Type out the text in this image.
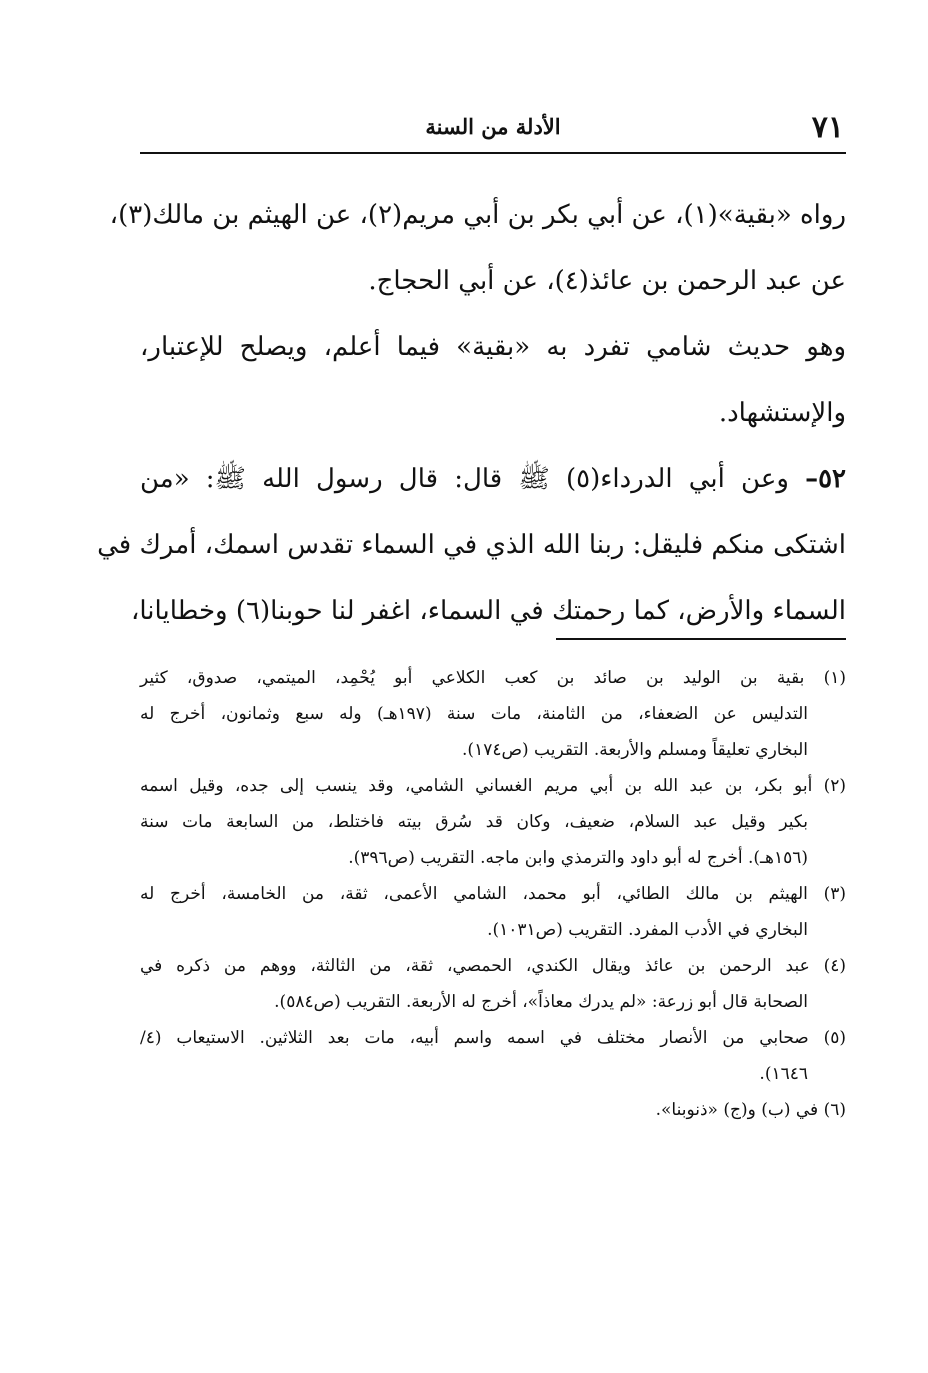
٧١
الأدلة من السنة
رواه «بقية»(١)، عن أبي بكر بن أبي مريم(٢)، عن الهيثم بن مالك(٣)،
عن عبد الرحمن بن عائذ(٤)، عن أبي الحجاج.
وهو حديث شامي تفرد به «بقية» فيما أعلم، ويصلح للإعتبار،
والإستشهاد.
٥٢– وعن أبي الدرداء(٥) ﷺ قال: قال رسول الله ﷺ: «من
اشتكى منكم فليقل: ربنا الله الذي في السماء تقدس اسمك، أمرك في
السماء والأرض، كما رحمتك في السماء، اغفر لنا حوبنا(٦) وخطايانا،
(١) بقية بن الوليد بن صائد بن كعب الكلاعي أبو يُحْمِد، الميتمي، صدوق، كثير
التدليس عن الضعفاء، من الثامنة، مات سنة (١٩٧هـ) وله سبع وثمانون، أخرج له
البخاري تعليقاً ومسلم والأربعة. التقريب (ص١٧٤).
(٢) أبو بكر، بن عبد الله بن أبي مريم الغساني الشامي، وقد ينسب إلى جده، وقيل اسمه
بكير وقيل عبد السلام، ضعيف، وكان قد سُرق بيته فاختلط، من السابعة مات سنة
(١٥٦هـ). أخرج له أبو داود والترمذي وابن ماجه. التقريب (ص٣٩٦).
(٣) الهيثم بن مالك الطائي، أبو محمد، الشامي الأعمى، ثقة، من الخامسة، أخرج له
البخاري في الأدب المفرد. التقريب (ص١٠٣١).
(٤) عبد الرحمن بن عائذ ويقال الكندي، الحمصي، ثقة، من الثالثة، ووهم من ذكره في
الصحابة قال أبو زرعة: «لم يدرك معاذاً»، أخرج له الأربعة. التقريب (ص٥٨٤).
(٥) صحابي من الأنصار مختلف في اسمه واسم أبيه، مات بعد الثلاثين. الاستيعاب (٤/
١٦٤٦).
(٦) في (ب) و(ج) «ذنوبنا».
